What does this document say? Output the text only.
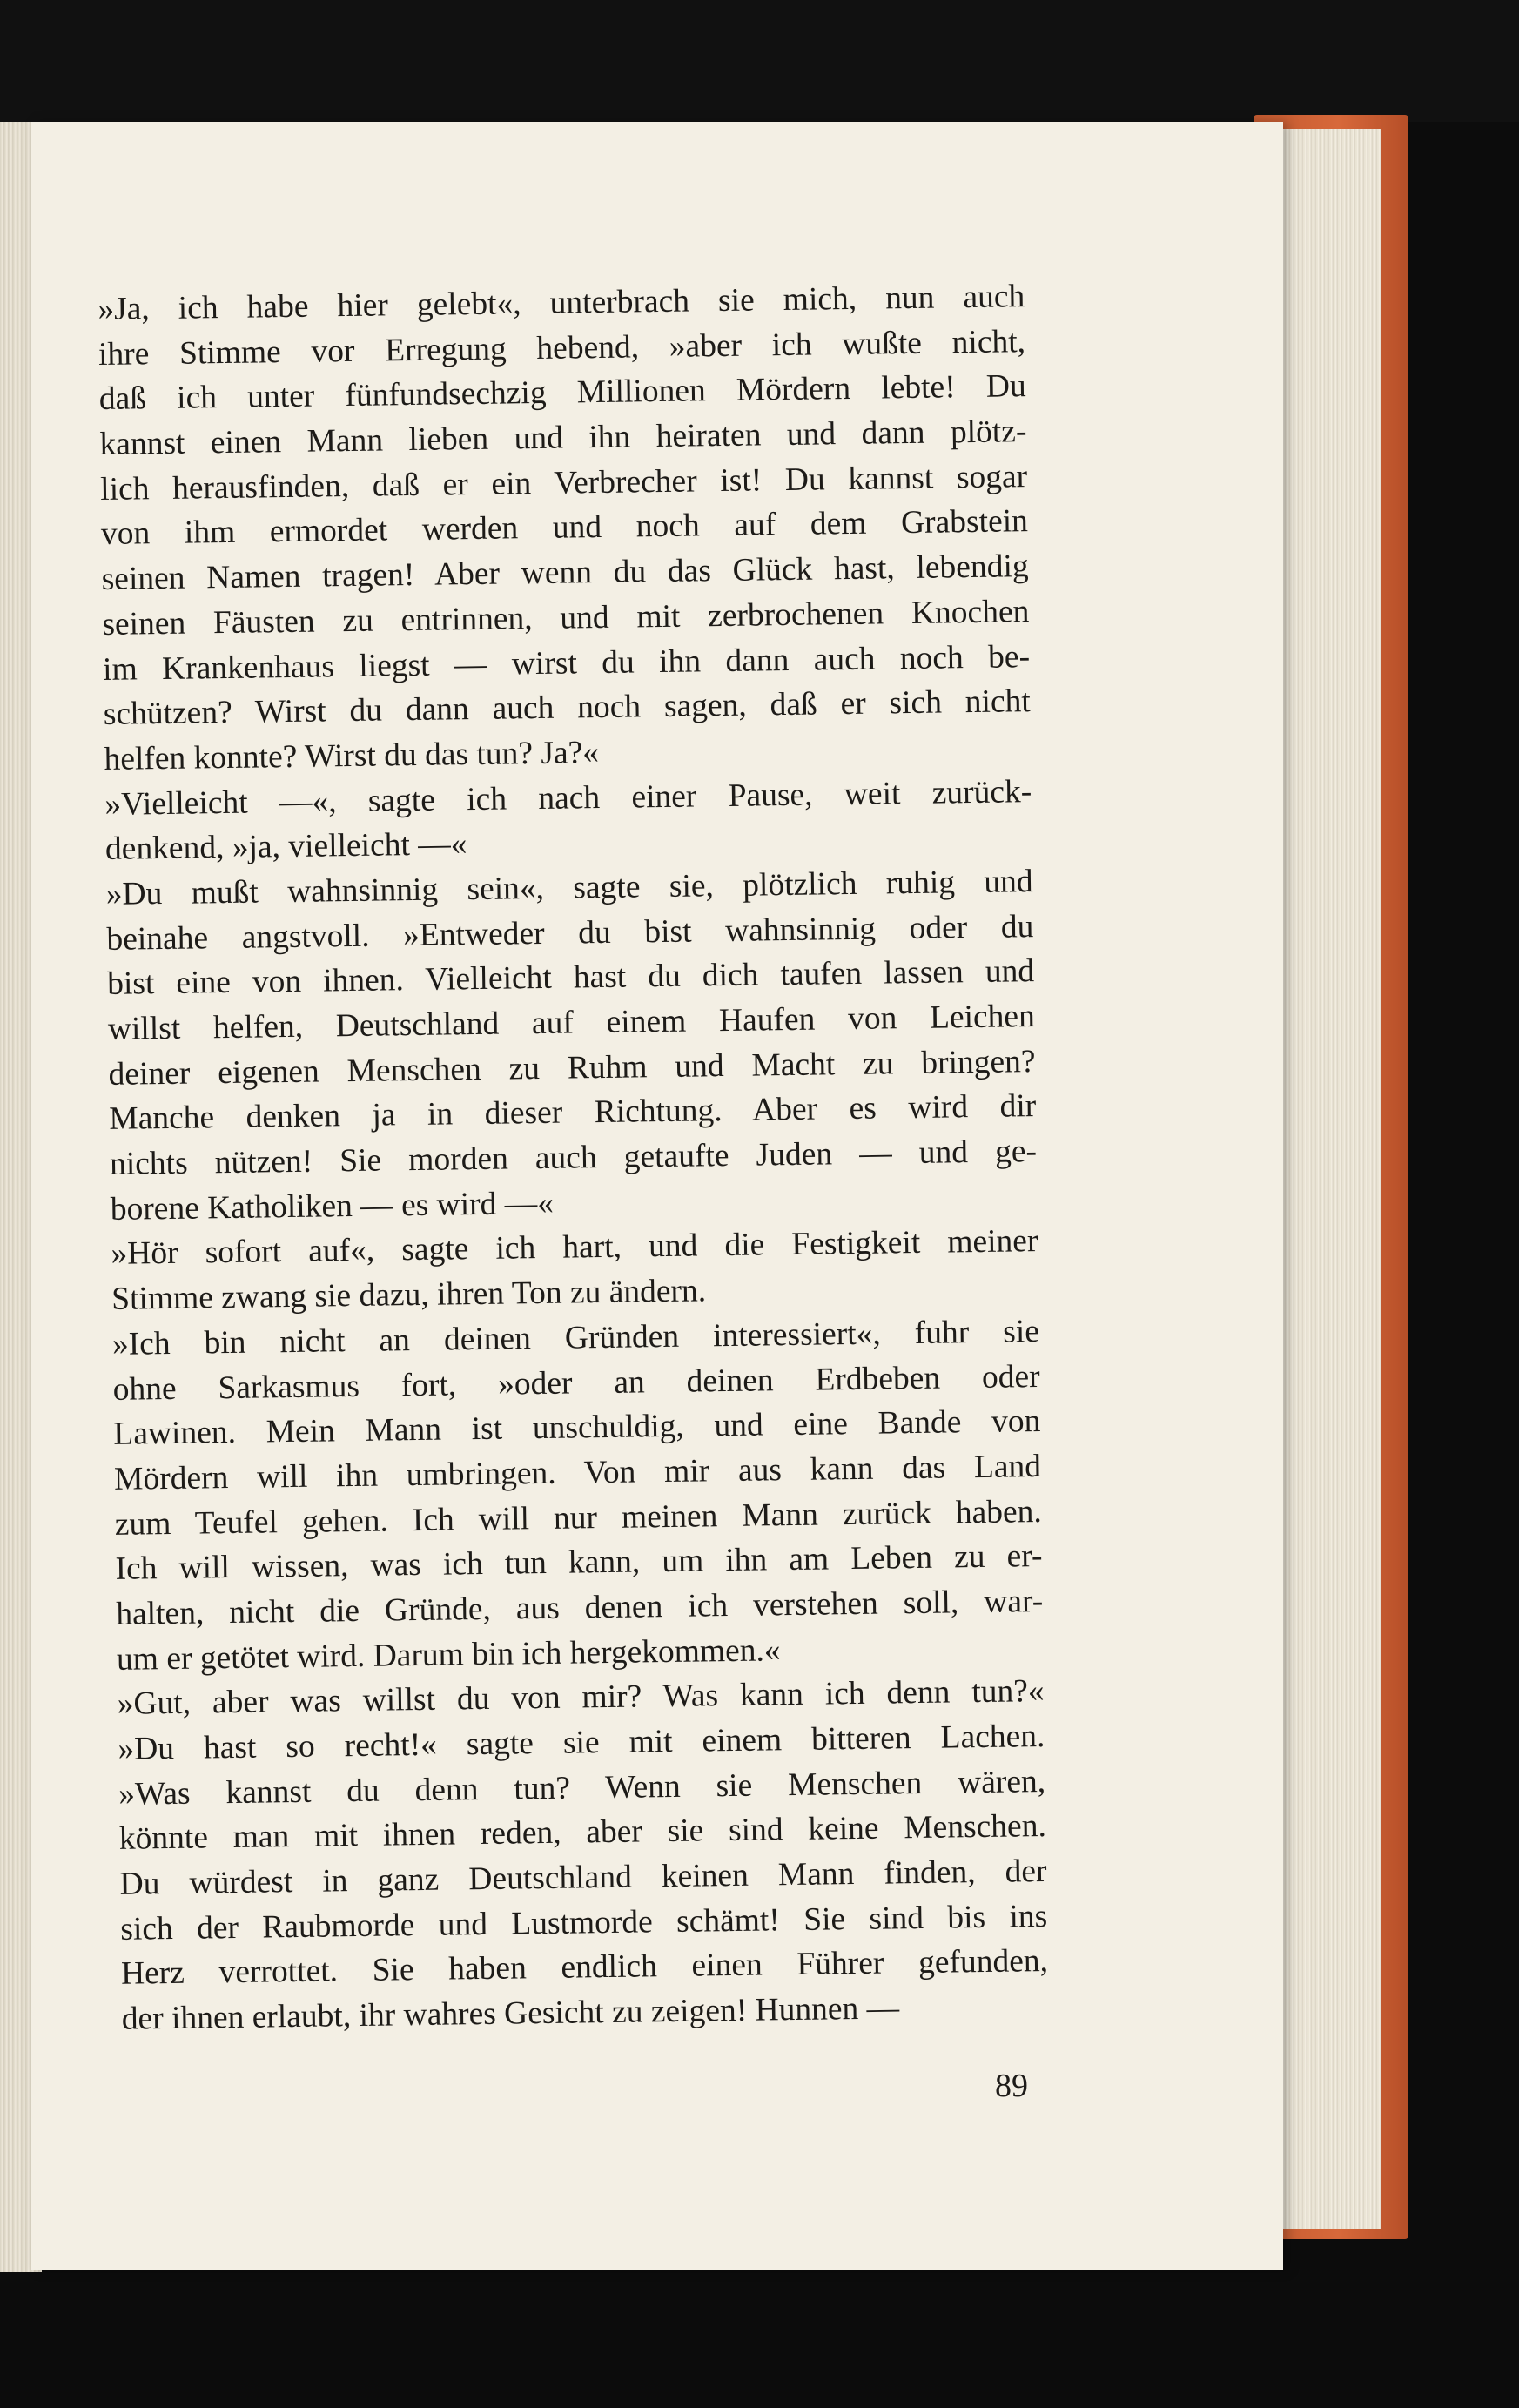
»Ja, ich habe hier gelebt«, unterbrach sie mich, nun auch
ihre Stimme vor Erregung hebend, »aber ich wußte nicht,
daß ich unter fünfundsechzig Millionen Mördern lebte! Du
kannst einen Mann lieben und ihn heiraten und dann plötz-
lich herausfinden, daß er ein Verbrecher ist! Du kannst sogar
von ihm ermordet werden und noch auf dem Grabstein
seinen Namen tragen! Aber wenn du das Glück hast, lebendig
seinen Fäusten zu entrinnen, und mit zerbrochenen Knochen
im Krankenhaus liegst — wirst du ihn dann auch noch be-
schützen? Wirst du dann auch noch sagen, daß er sich nicht
helfen konnte? Wirst du das tun? Ja?«
»Vielleicht —«, sagte ich nach einer Pause, weit zurück-
denkend, »ja, vielleicht —«
»Du mußt wahnsinnig sein«, sagte sie, plötzlich ruhig und
beinahe angstvoll. »Entweder du bist wahnsinnig oder du
bist eine von ihnen. Vielleicht hast du dich taufen lassen und
willst helfen, Deutschland auf einem Haufen von Leichen
deiner eigenen Menschen zu Ruhm und Macht zu bringen?
Manche denken ja in dieser Richtung. Aber es wird dir
nichts nützen! Sie morden auch getaufte Juden — und ge-
borene Katholiken — es wird —«
»Hör sofort auf«, sagte ich hart, und die Festigkeit meiner
Stimme zwang sie dazu, ihren Ton zu ändern.
»Ich bin nicht an deinen Gründen interessiert«, fuhr sie
ohne Sarkasmus fort, »oder an deinen Erdbeben oder
Lawinen. Mein Mann ist unschuldig, und eine Bande von
Mördern will ihn umbringen. Von mir aus kann das Land
zum Teufel gehen. Ich will nur meinen Mann zurück haben.
Ich will wissen, was ich tun kann, um ihn am Leben zu er-
halten, nicht die Gründe, aus denen ich verstehen soll, war-
um er getötet wird. Darum bin ich hergekommen.«
»Gut, aber was willst du von mir? Was kann ich denn tun?«
»Du hast so recht!« sagte sie mit einem bitteren Lachen.
»Was kannst du denn tun? Wenn sie Menschen wären,
könnte man mit ihnen reden, aber sie sind keine Menschen.
Du würdest in ganz Deutschland keinen Mann finden, der
sich der Raubmorde und Lustmorde schämt! Sie sind bis ins
Herz verrottet. Sie haben endlich einen Führer gefunden,
der ihnen erlaubt, ihr wahres Gesicht zu zeigen! Hunnen —
89
